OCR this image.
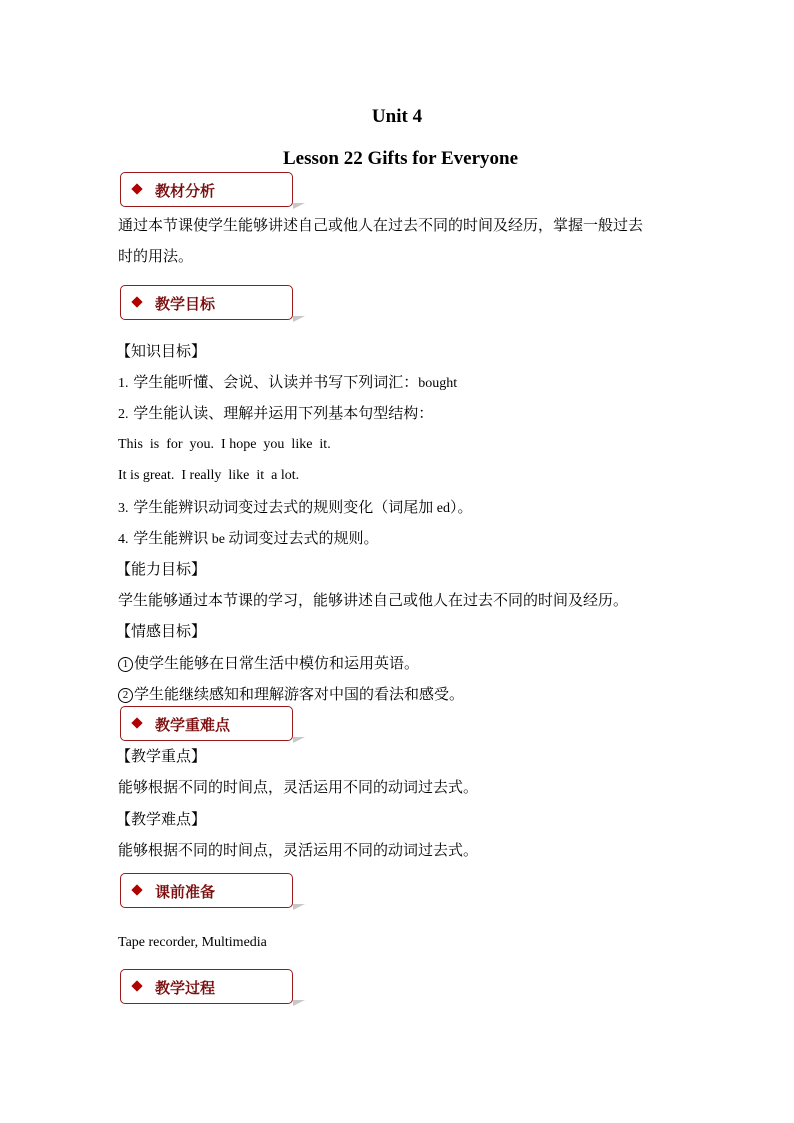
Unit 4
Lesson 22 Gifts for Everyone
教材分析
通过本节课使学生能够讲述自己或他人在过去不同的时间及经历，掌握一般过去
时的用法。
教学目标
【知识目标】
1. 学生能听懂、会说、认读并书写下列词汇：bought
2. 学生能认读、理解并运用下列基本句型结构：
This  is  for  you.  I hope  you  like  it.
It is great.  I really  like  it  a lot.
3. 学生能辨识动词变过去式的规则变化（词尾加 ed）。
4. 学生能辨识 be 动词变过去式的规则。
【能力目标】
学生能够通过本节课的学习，能够讲述自己或他人在过去不同的时间及经历。
【情感目标】
1 使学生能够在日常生活中模仿和运用英语。
2 学生能继续感知和理解游客对中国的看法和感受。
教学重难点
【教学重点】
能够根据不同的时间点，灵活运用不同的动词过去式。
【教学难点】
能够根据不同的时间点，灵活运用不同的动词过去式。
课前准备
Tape recorder, Multimedia
教学过程
